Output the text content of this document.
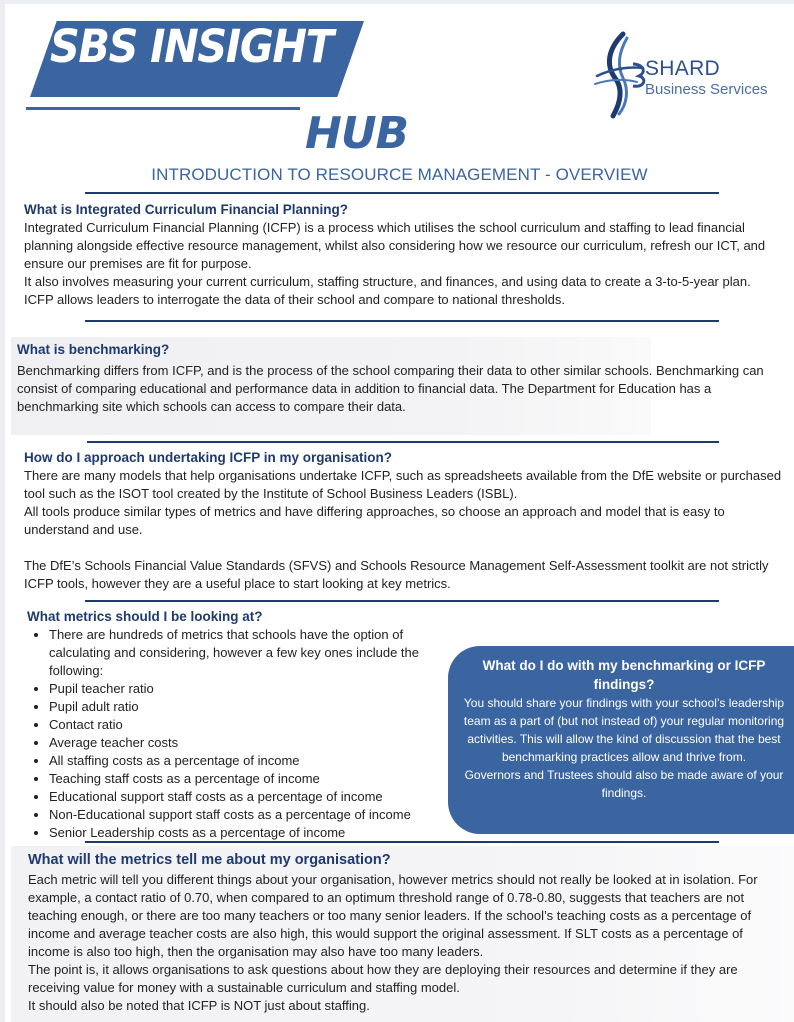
SBS INSIGHT
HUB
SHARD
Business Services
INTRODUCTION TO RESOURCE MANAGEMENT - OVERVIEW
What is Integrated Curriculum Financial Planning?

Integrated Curriculum Financial Planning (ICFP) is a process which utilises the school curriculum and staffing to lead financial planning alongside effective resource management, whilst also considering how we resource our curriculum, refresh our ICT, and ensure our premises are fit for purpose.

It also involves measuring your current curriculum, staffing structure, and finances, and using data to create a 3-to-5-year plan.

ICFP allows leaders to interrogate the data of their school and compare to national thresholds.

What is benchmarking?

Benchmarking differs from ICFP, and is the process of the school comparing their data to other similar schools. Benchmarking can consist of comparing educational and performance data in addition to financial data. The Department for Education has a benchmarking site which schools can access to compare their data.

How do I approach undertaking ICFP in my organisation?

There are many models that help organisations undertake ICFP, such as spreadsheets available from the DfE website or purchased tool such as the ISOT tool created by the Institute of School Business Leaders (ISBL).

All tools produce similar types of metrics and have differing approaches, so choose an approach and model that is easy to understand and use.

The DfE’s Schools Financial Value Standards (SFVS) and Schools Resource Management Self-Assessment toolkit are not strictly ICFP tools, however they are a useful place to start looking at key metrics.

What metrics should I be looking at?
There are hundreds of metrics that schools have the option of calculating and considering, however a few key ones include the following:
Pupil teacher ratio
Pupil adult ratio
Contact ratio
Average teacher costs
All staffing costs as a percentage of income
Teaching staff costs as a percentage of income
Educational support staff costs as a percentage of income
Non-Educational support staff costs as a percentage of income
Senior Leadership costs as a percentage of income
What do I do with my benchmarking or ICFP findings?

You should share your findings with your school’s leadership team as a part of (but not instead of) your regular monitoring activities. This will allow the kind of discussion that the best benchmarking practices allow and thrive from.

Governors and Trustees should also be made aware of your findings.

What will the metrics tell me about my organisation?

Each metric will tell you different things about your organisation, however metrics should not really be looked at in isolation. For example, a contact ratio of 0.70, when compared to an optimum threshold range of 0.78-0.80, suggests that teachers are not teaching enough, or there are too many teachers or too many senior leaders. If the school’s teaching costs as a percentage of income and average teacher costs are also high, this would support the original assessment. If SLT costs as a percentage of income is also too high, then the organisation may also have too many leaders.

The point is, it allows organisations to ask questions about how they are deploying their resources and determine if they are receiving value for money with a sustainable curriculum and staffing model.

It should also be noted that ICFP is NOT just about staffing.
